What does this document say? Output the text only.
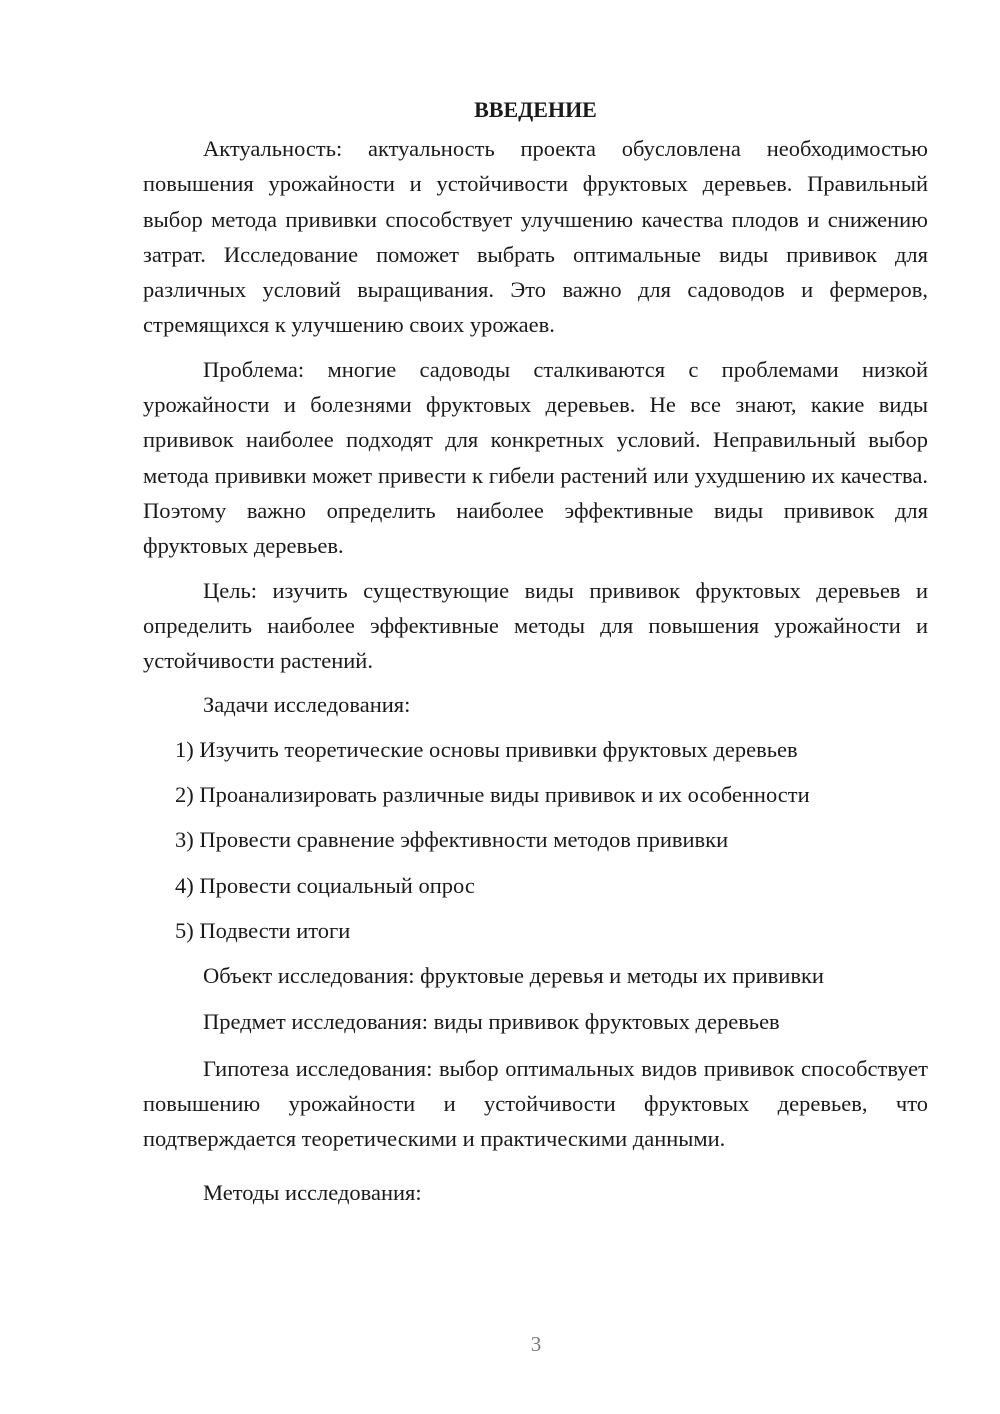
ВВЕДЕНИЕ

Актуальность: актуальность проекта обусловлена необходимостью повышения урожайности и устойчивости фруктовых деревьев. Правильный выбор метода прививки способствует улучшению качества плодов и снижению затрат. Исследование поможет выбрать оптимальные виды прививок для различных условий выращивания. Это важно для садоводов и фермеров, стремящихся к улучшению своих урожаев.

Проблема: многие садоводы сталкиваются с проблемами низкой урожайности и болезнями фруктовых деревьев. Не все знают, какие виды прививок наиболее подходят для конкретных условий. Неправильный выбор метода прививки может привести к гибели растений или ухудшению их качества. Поэтому важно определить наиболее эффективные виды прививок для фруктовых деревьев.

Цель: изучить существующие виды прививок фруктовых деревьев и определить наиболее эффективные методы для повышения урожайности и устойчивости растений.

Задачи исследования:

1) Изучить теоретические основы прививки фруктовых деревьев
2) Проанализировать различные виды прививок и их особенности
3) Провести сравнение эффективности методов прививки
4) Провести социальный опрос
5) Подвести итоги

Объект исследования: фруктовые деревья и методы их прививки

Предмет исследования: виды прививок фруктовых деревьев

Гипотеза исследования: выбор оптимальных видов прививок способствует повышению урожайности и устойчивости фруктовых деревьев, что подтверждается теоретическими и практическими данными.

Методы исследования:

3
